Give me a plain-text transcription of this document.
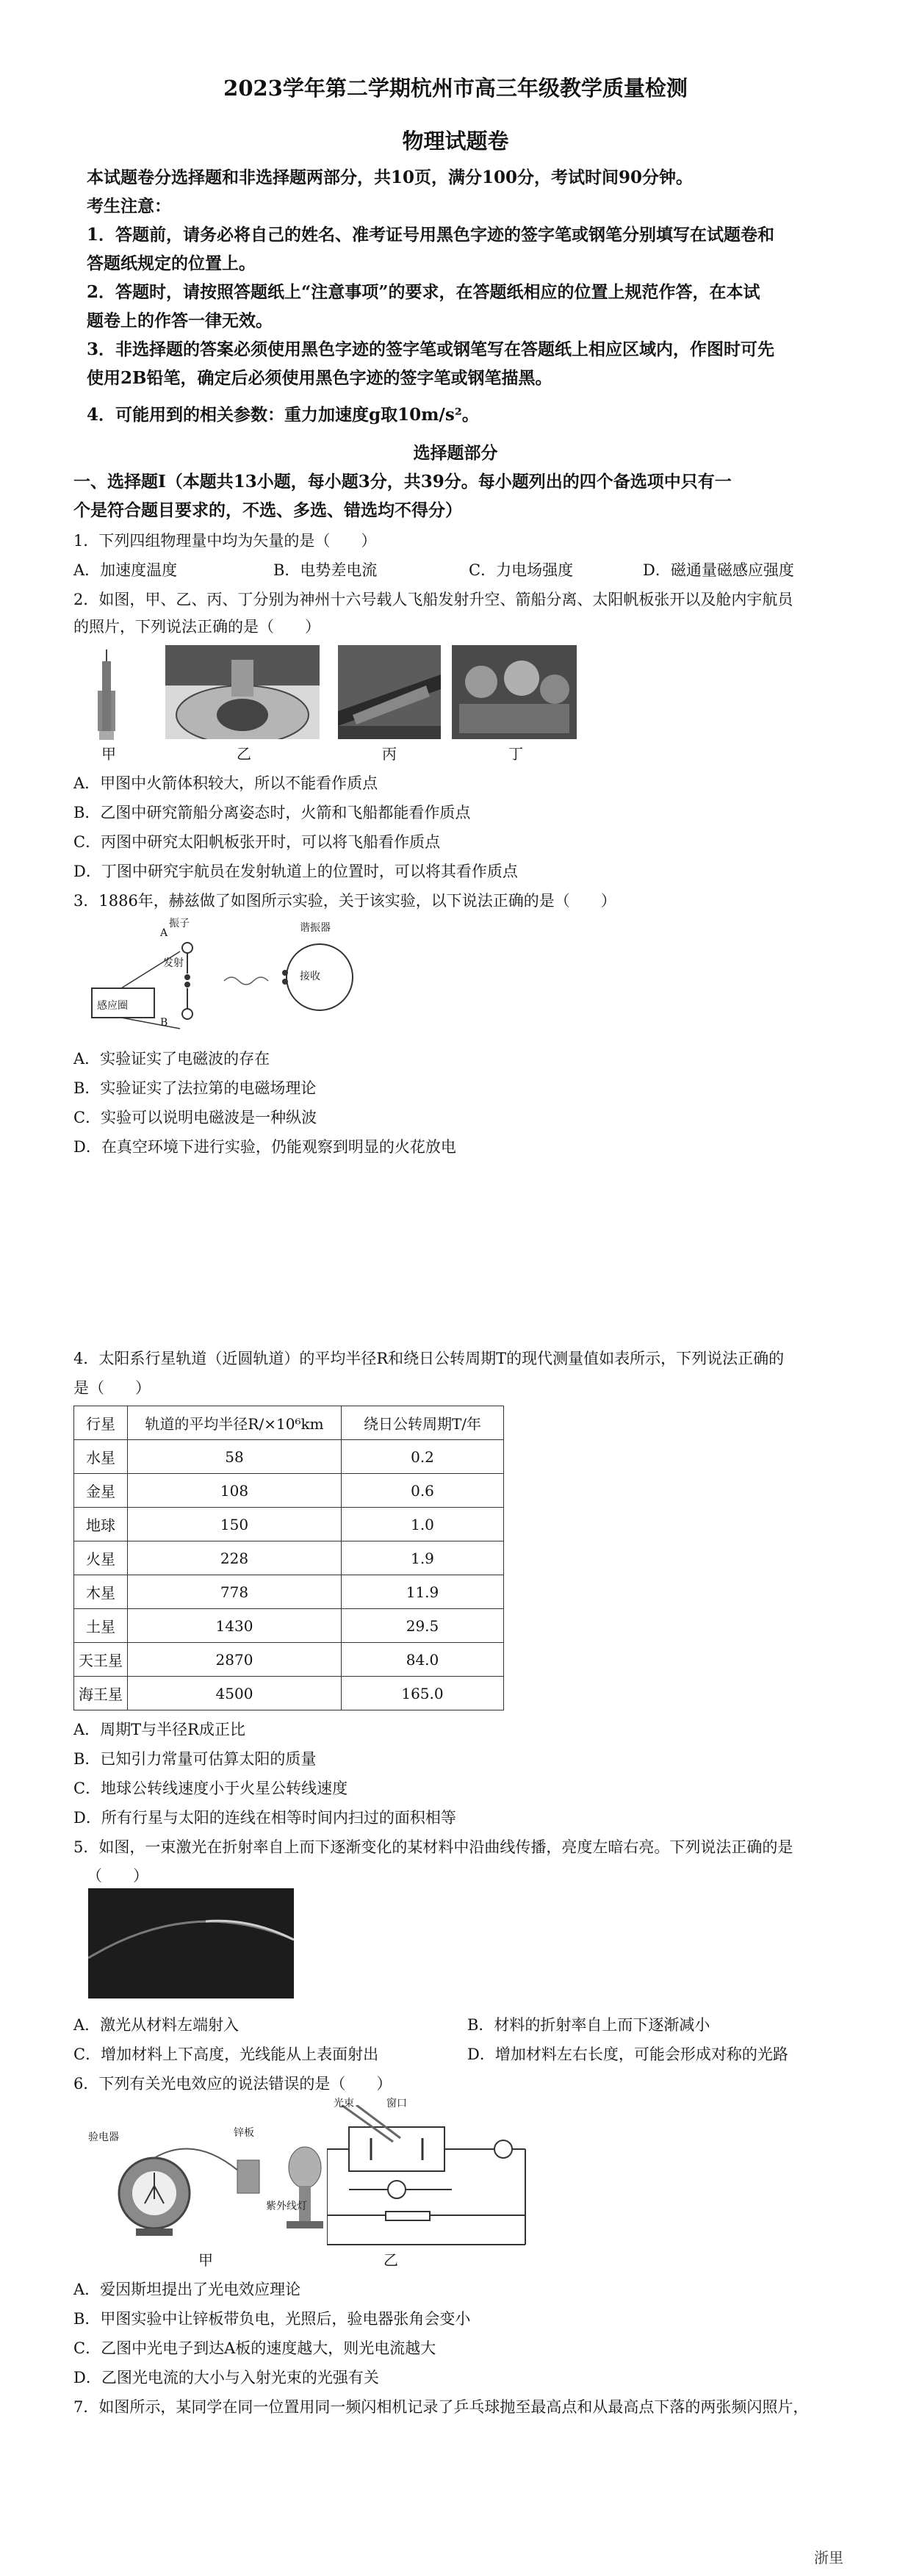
2023学年第二学期杭州市高三年级教学质量检测
物理试题卷
本试题卷分选择题和非选择题两部分，共10页，满分100分，考试时间90分钟。
考生注意：
1．答题前，请务必将自己的姓名、准考证号用黑色字迹的签字笔或钢笔分别填写在试题卷和
答题纸规定的位置上。
2．答题时，请按照答题纸上“注意事项”的要求，在答题纸相应的位置上规范作答，在本试
题卷上的作答一律无效。
3．非选择题的答案必须使用黑色字迹的签字笔或钢笔写在答题纸上相应区域内，作图时可先
使用2B铅笔，确定后必须使用黑色字迹的签字笔或钢笔描黑。
4．可能用到的相关参数：重力加速度g取10m/s²。
选择题部分
一、选择题Ⅰ（本题共13小题，每小题3分，共39分。每小题列出的四个备选项中只有一
个是符合题目要求的，不选、多选、错选均不得分）
1．下列四组物理量中均为矢量的是（　　）
A．加速度温度	B．电势差电流	C．力电场强度	D．磁通量磁感应强度
2．如图，甲、乙、丙、丁分别为神州十六号载人飞船发射升空、箭船分离、太阳帆板张开以及舱内宇航员
的照片，下列说法正确的是（　　）
甲	乙	丙	丁
A．甲图中火箭体积较大，所以不能看作质点
B．乙图中研究箭船分离姿态时，火箭和飞船都能看作质点
C．丙图中研究太阳帆板张开时，可以将飞船看作质点
D．丁图中研究宇航员在发射轨道上的位置时，可以将其看作质点
3．1886年，赫兹做了如图所示实验，关于该实验，以下说法正确的是（　　）
振子
A
B
发射
谐振器
接收
感应圈
A．实验证实了电磁波的存在
B．实验证实了法拉第的电磁场理论
C．实验可以说明电磁波是一种纵波
D．在真空环境下进行实验，仍能观察到明显的火花放电
4．太阳系行星轨道（近圆轨道）的平均半径R和绕日公转周期T的现代测量值如表所示，下列说法正确的
是（　　）
行星	轨道的平均半径R/×10⁶km	绕日公转周期T/年
水星	58	0.2
金星	108	0.6
地球	150	1.0
火星	228	1.9
木星	778	11.9
土星	1430	29.5
天王星	2870	84.0
海王星	4500	165.0
A．周期T与半径R成正比
B．已知引力常量可估算太阳的质量
C．地球公转线速度小于火星公转线速度
D．所有行星与太阳的连线在相等时间内扫过的面积相等
5．如图，一束激光在折射率自上而下逐渐变化的某材料中沿曲线传播，亮度左暗右亮。下列说法正确的是
（　　）
A．激光从材料左端射入	B．材料的折射率自上而下逐渐减小
C．增加材料上下高度，光线能从上表面射出	D．增加材料左右长度，可能会形成对称的光路
6．下列有关光电效应的说法错误的是（　　）
验电器	锌板
紫外线灯
甲
光束	窗口
乙
A．爱因斯坦提出了光电效应理论
B．甲图实验中让锌板带负电，光照后，验电器张角会变小
C．乙图中光电子到达A板的速度越大，则光电流越大
D．乙图光电流的大小与入射光束的光强有关
7．如图所示，某同学在同一位置用同一频闪相机记录了乒乓球抛至最高点和从最高点下落的两张频闪照片，
浙里
